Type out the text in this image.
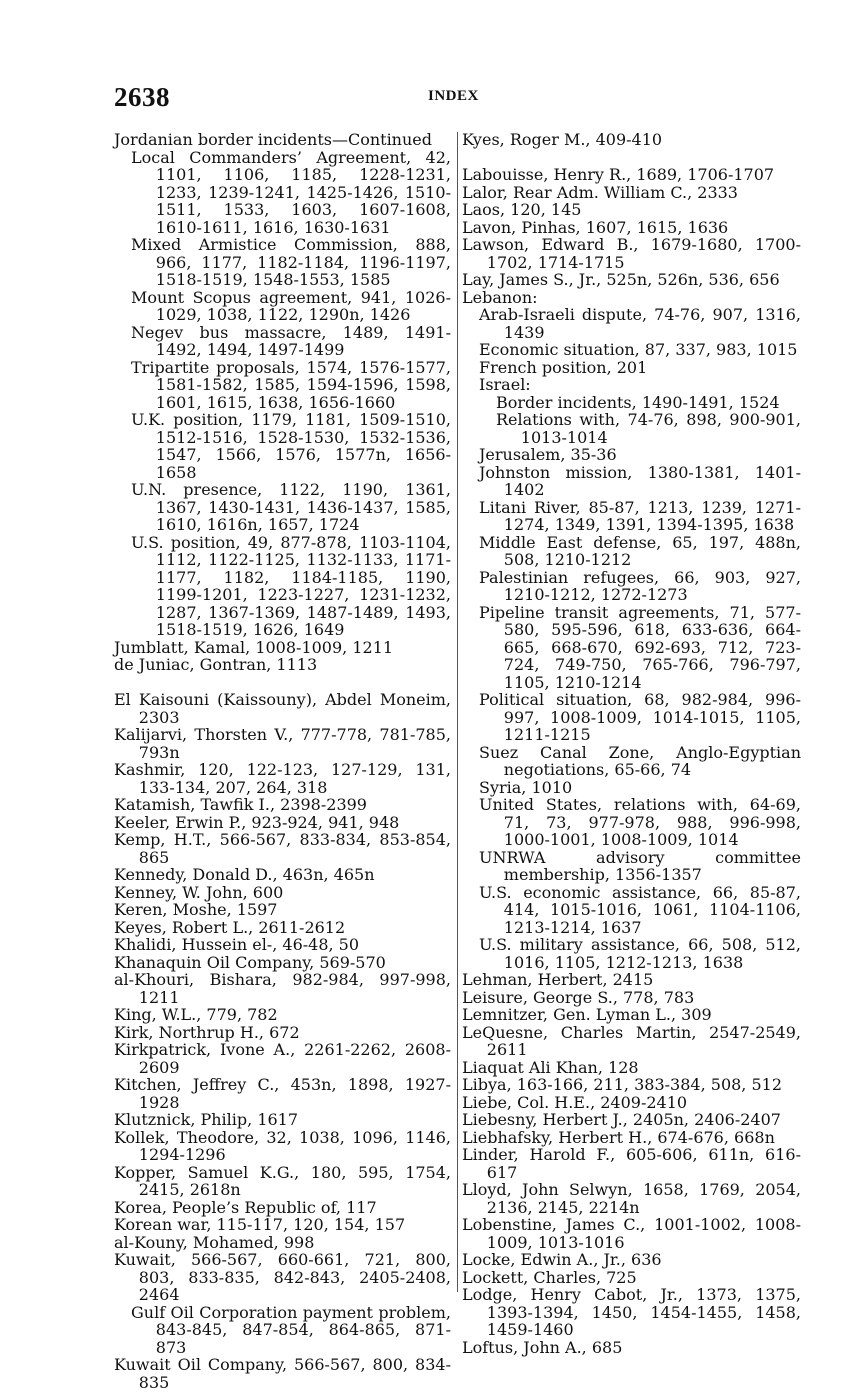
2638	INDEX

Jordanian border incidents—Continued

Local Commanders’ Agreement, 42, 1101, 1106, 1185, 1228-1231, 1233, 1239-1241, 1425-1426, 1510-1511, 1533, 1603, 1607-1608, 1610-1611, 1616, 1630-1631

Mixed Armistice Commission, 888, 966, 1177, 1182-1184, 1196-1197, 1518-1519, 1548-1553, 1585

Mount Scopus agreement, 941, 1026-1029, 1038, 1122, 1290n, 1426

Negev bus massacre, 1489, 1491-1492, 1494, 1497-1499

Tripartite proposals, 1574, 1576-1577, 1581-1582, 1585, 1594-1596, 1598, 1601, 1615, 1638, 1656-1660

U.K. position, 1179, 1181, 1509-1510, 1512-1516, 1528-1530, 1532-1536, 1547, 1566, 1576, 1577n, 1656-1658

U.N. presence, 1122, 1190, 1361, 1367, 1430-1431, 1436-1437, 1585, 1610, 1616n, 1657, 1724

U.S. position, 49, 877-878, 1103-1104, 1112, 1122-1125, 1132-1133, 1171-1177, 1182, 1184-1185, 1190, 1199-1201, 1223-1227, 1231-1232, 1287, 1367-1369, 1487-1489, 1493, 1518-1519, 1626, 1649

Jumblatt, Kamal, 1008-1009, 1211

de Juniac, Gontran, 1113

El Kaisouni (Kaissouny), Abdel Moneim, 2303

Kalijarvi, Thorsten V., 777-778, 781-785, 793n

Kashmir, 120, 122-123, 127-129, 131, 133-134, 207, 264, 318

Katamish, Tawfik I., 2398-2399

Keeler, Erwin P., 923-924, 941, 948

Kemp, H.T., 566-567, 833-834, 853-854, 865

Kennedy, Donald D., 463n, 465n

Kenney, W. John, 600

Keren, Moshe, 1597

Keyes, Robert L., 2611-2612

Khalidi, Hussein el-, 46-48, 50

Khanaquin Oil Company, 569-570

al-Khouri, Bishara, 982-984, 997-998, 1211

King, W.L., 779, 782

Kirk, Northrup H., 672

Kirkpatrick, Ivone A., 2261-2262, 2608-2609

Kitchen, Jeffrey C., 453n, 1898, 1927-1928

Klutznick, Philip, 1617

Kollek, Theodore, 32, 1038, 1096, 1146, 1294-1296

Kopper, Samuel K.G., 180, 595, 1754, 2415, 2618n

Korea, People’s Republic of, 117

Korean war, 115-117, 120, 154, 157

al-Kouny, Mohamed, 998

Kuwait, 566-567, 660-661, 721, 800, 803, 833-835, 842-843, 2405-2408, 2464

Gulf Oil Corporation payment problem, 843-845, 847-854, 864-865, 871-873

Kuwait Oil Company, 566-567, 800, 834-835

Kyes, Roger M., 409-410

Labouisse, Henry R., 1689, 1706-1707

Lalor, Rear Adm. William C., 2333

Laos, 120, 145

Lavon, Pinhas, 1607, 1615, 1636

Lawson, Edward B., 1679-1680, 1700-1702, 1714-1715

Lay, James S., Jr., 525n, 526n, 536, 656

Lebanon:

Arab-Israeli dispute, 74-76, 907, 1316, 1439

Economic situation, 87, 337, 983, 1015

French position, 201

Israel:

Border incidents, 1490-1491, 1524

Relations with, 74-76, 898, 900-901, 1013-1014

Jerusalem, 35-36

Johnston mission, 1380-1381, 1401-1402

Litani River, 85-87, 1213, 1239, 1271-1274, 1349, 1391, 1394-1395, 1638

Middle East defense, 65, 197, 488n, 508, 1210-1212

Palestinian refugees, 66, 903, 927, 1210-1212, 1272-1273

Pipeline transit agreements, 71, 577-580, 595-596, 618, 633-636, 664-665, 668-670, 692-693, 712, 723-724, 749-750, 765-766, 796-797, 1105, 1210-1214

Political situation, 68, 982-984, 996-997, 1008-1009, 1014-1015, 1105, 1211-1215

Suez Canal Zone, Anglo-Egyptian negotiations, 65-66, 74

Syria, 1010

United States, relations with, 64-69, 71, 73, 977-978, 988, 996-998, 1000-1001, 1008-1009, 1014

UNRWA advisory committee membership, 1356-1357

U.S. economic assistance, 66, 85-87, 414, 1015-1016, 1061, 1104-1106, 1213-1214, 1637

U.S. military assistance, 66, 508, 512, 1016, 1105, 1212-1213, 1638

Lehman, Herbert, 2415

Leisure, George S., 778, 783

Lemnitzer, Gen. Lyman L., 309

LeQuesne, Charles Martin, 2547-2549, 2611

Liaquat Ali Khan, 128

Libya, 163-166, 211, 383-384, 508, 512

Liebe, Col. H.E., 2409-2410

Liebesny, Herbert J., 2405n, 2406-2407

Liebhafsky, Herbert H., 674-676, 668n

Linder, Harold F., 605-606, 611n, 616-617

Lloyd, John Selwyn, 1658, 1769, 2054, 2136, 2145, 2214n

Lobenstine, James C., 1001-1002, 1008-1009, 1013-1016

Locke, Edwin A., Jr., 636

Lockett, Charles, 725

Lodge, Henry Cabot, Jr., 1373, 1375, 1393-1394, 1450, 1454-1455, 1458, 1459-1460

Loftus, John A., 685
